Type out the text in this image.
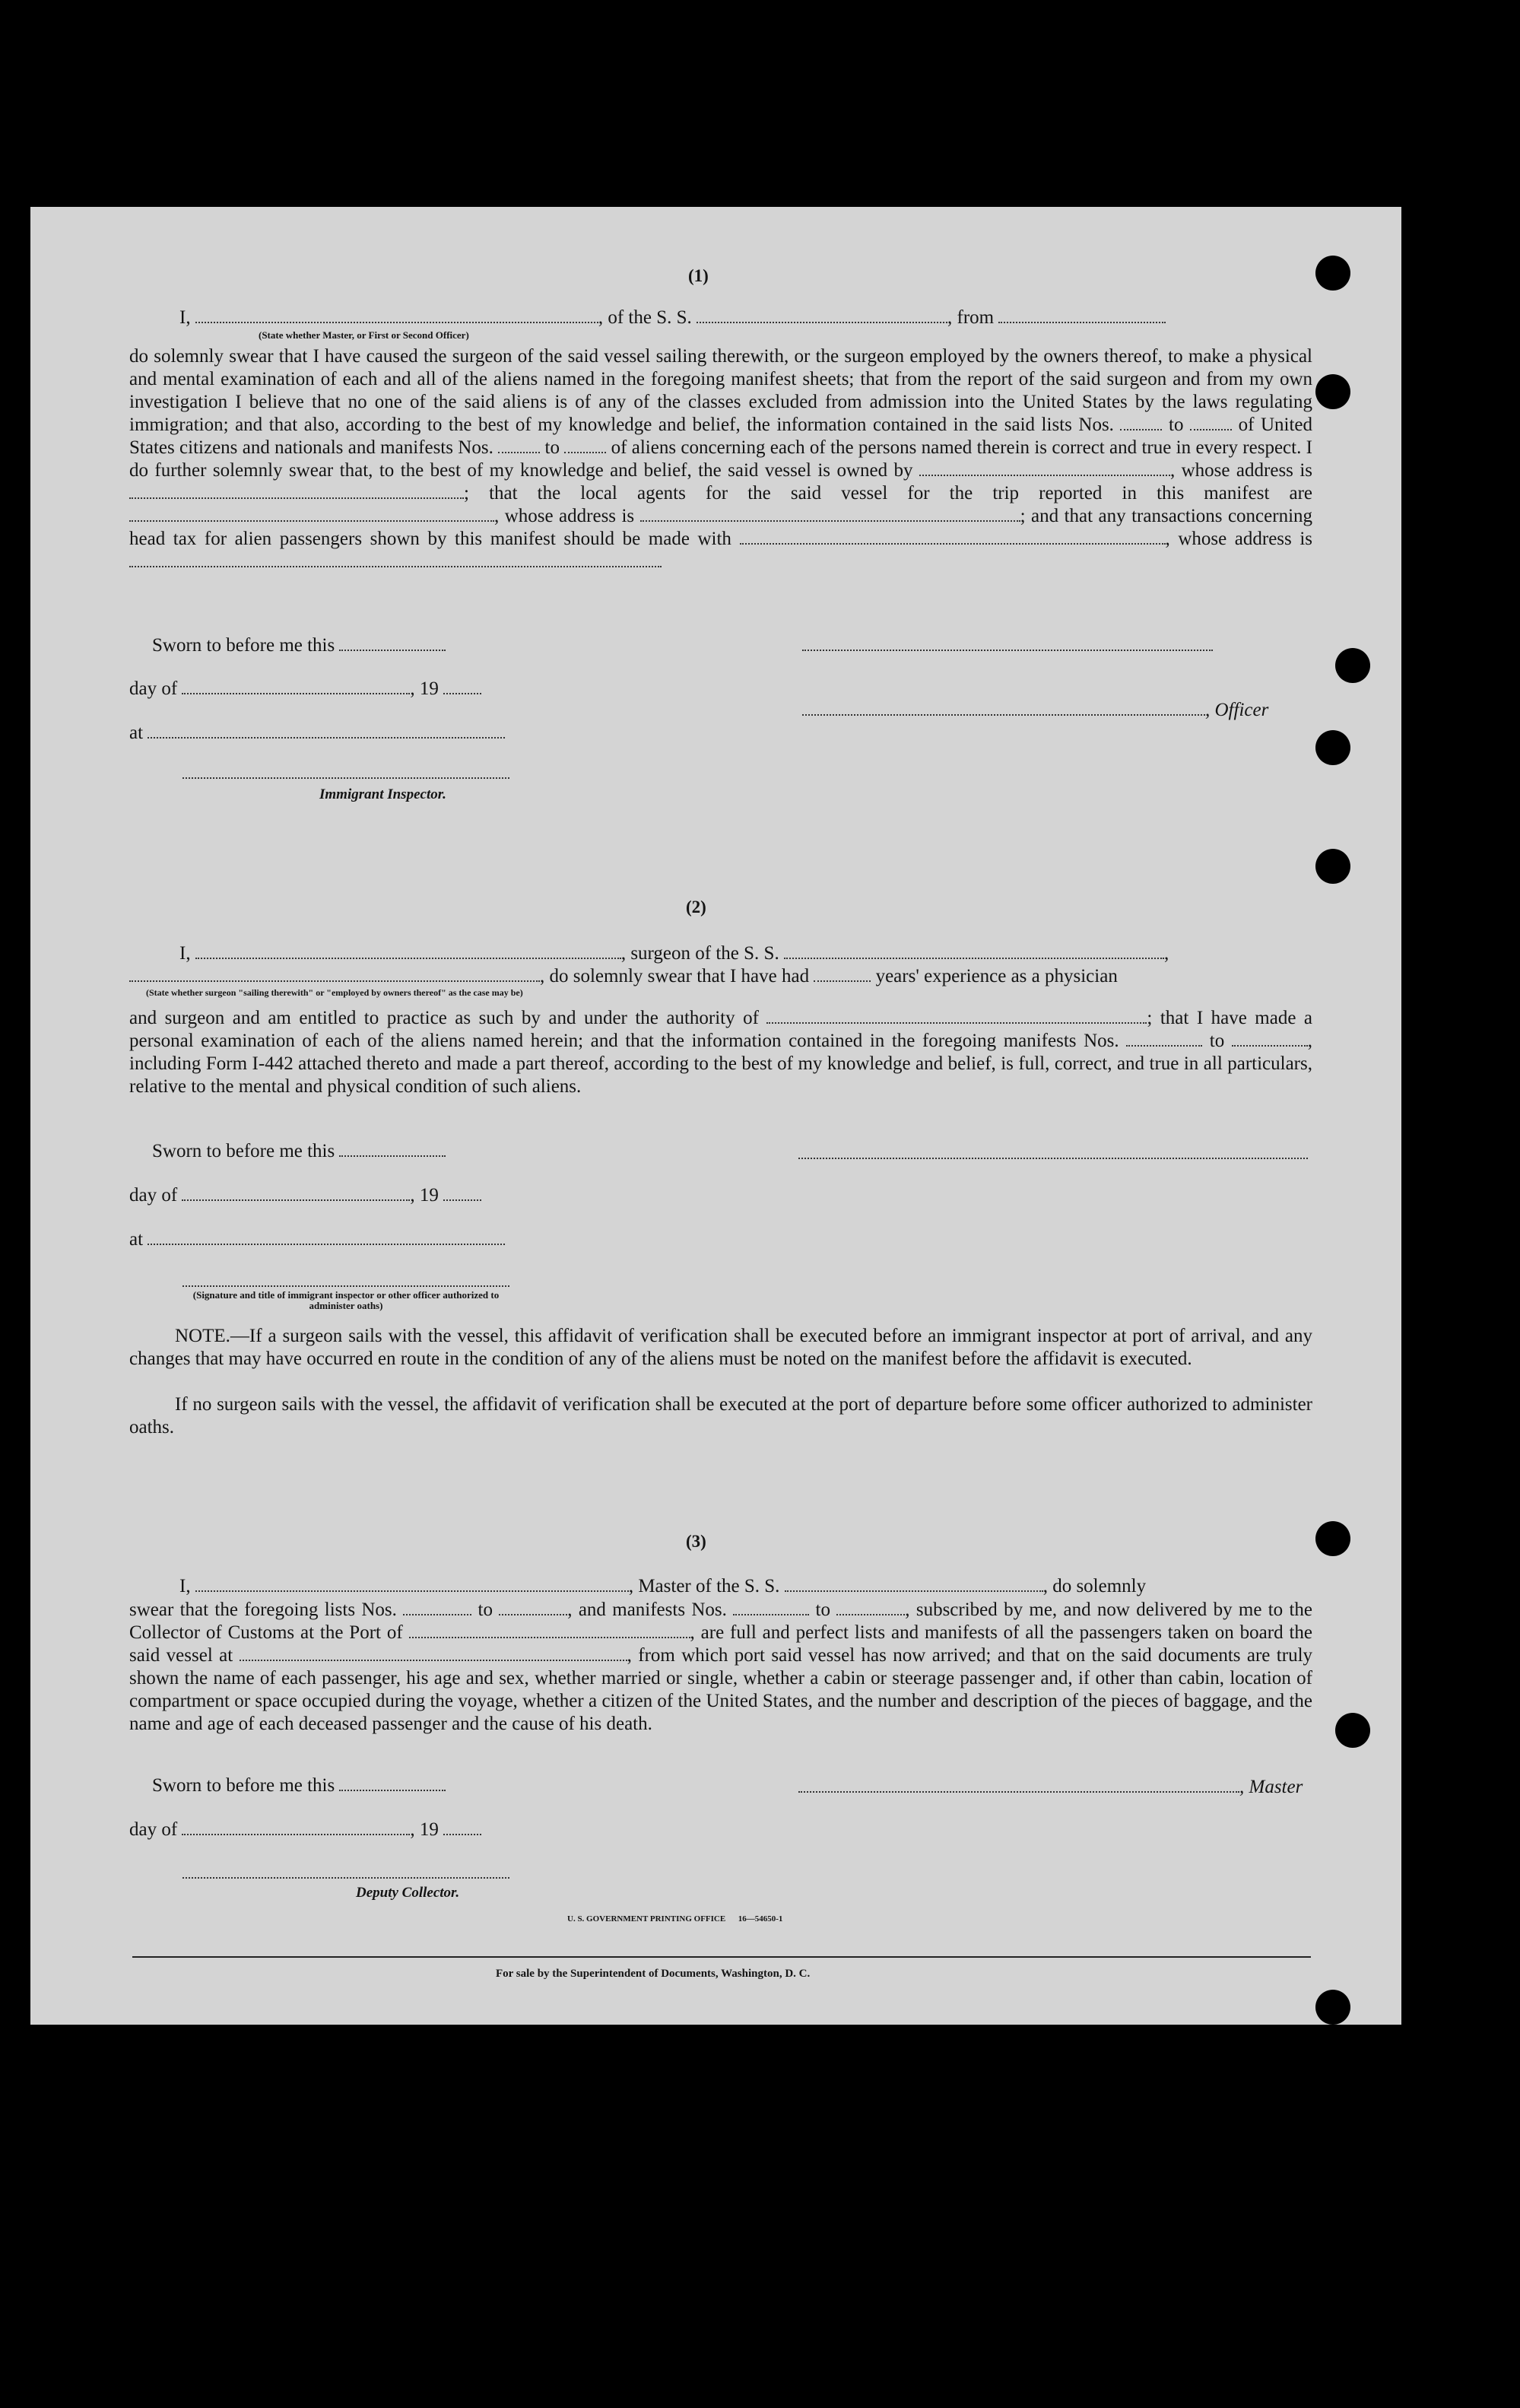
(1)
I,	, of the S. S.	, from
(State whether Master, or First or Second Officer)
do solemnly swear that I have caused the surgeon of the said vessel sailing therewith, or the surgeon employed by the owners thereof, to make a physical and mental examination of each and all of the aliens named in the foregoing manifest sheets; that from the report of the said surgeon and from my own investigation I believe that no one of the said aliens is of any of the classes excluded from admission into the United States by the laws regulating immigration; and that also, according to the best of my knowledge and belief, the information contained in the said lists Nos.	to	of United States citizens and nationals and manifests Nos.	to	of aliens concerning each of the persons named therein is correct and true in every respect. I do further solemnly swear that, to the best of my knowledge and belief, the said vessel is owned by	, whose address is ; that the local agents for the said vessel for the trip reported in this manifest are , whose address is	; and that any transactions concerning head tax for alien passengers shown by this manifest should be made with	, whose address is
Sworn to before me this
day of	, 19
, Officer
at
Immigrant Inspector.
(2)
I,	, surgeon of the S. S.	,
, do solemnly swear that I have had	years' experience as a physician
(State whether surgeon "sailing therewith" or "employed by owners thereof" as the case may be)
and surgeon and am entitled to practice as such by and under the authority of	; that I have made a personal examination of each of the aliens named herein; and that the information contained in the foregoing manifests Nos.	to	, including Form I-442 attached thereto and made a part thereof, according to the best of my knowledge and belief, is full, correct, and true in all particulars, relative to the mental and physical condition of such aliens.
Sworn to before me this
day of	, 19
at
(Signature and title of immigrant inspector or other officer authorized to administer oaths)
NOTE.—If a surgeon sails with the vessel, this affidavit of verification shall be executed before an immigrant inspector at port of arrival, and any changes that may have occurred en route in the condition of any of the aliens must be noted on the manifest before the affidavit is executed.
If no surgeon sails with the vessel, the affidavit of verification shall be executed at the port of departure before some officer authorized to administer oaths.
(3)
I,	, Master of the S. S.	, do solemnly
swear that the foregoing lists Nos.	to	, and manifests Nos.	to	, subscribed by me, and now delivered by me to the Collector of Customs at the Port of	, are full and perfect lists and manifests of all the passengers taken on board the said vessel at	, from which port said vessel has now arrived; and that on the said documents are truly shown the name of each passenger, his age and sex, whether married or single, whether a cabin or steerage passenger and, if other than cabin, location of compartment or space occupied during the voyage, whether a citizen of the United States, and the number and description of the pieces of baggage, and the name and age of each deceased passenger and the cause of his death.
Sworn to before me this	, Master
day of	, 19
Deputy Collector.
U. S. GOVERNMENT PRINTING OFFICE      16—54650-1
For sale by the Superintendent of Documents, Washington, D. C.
